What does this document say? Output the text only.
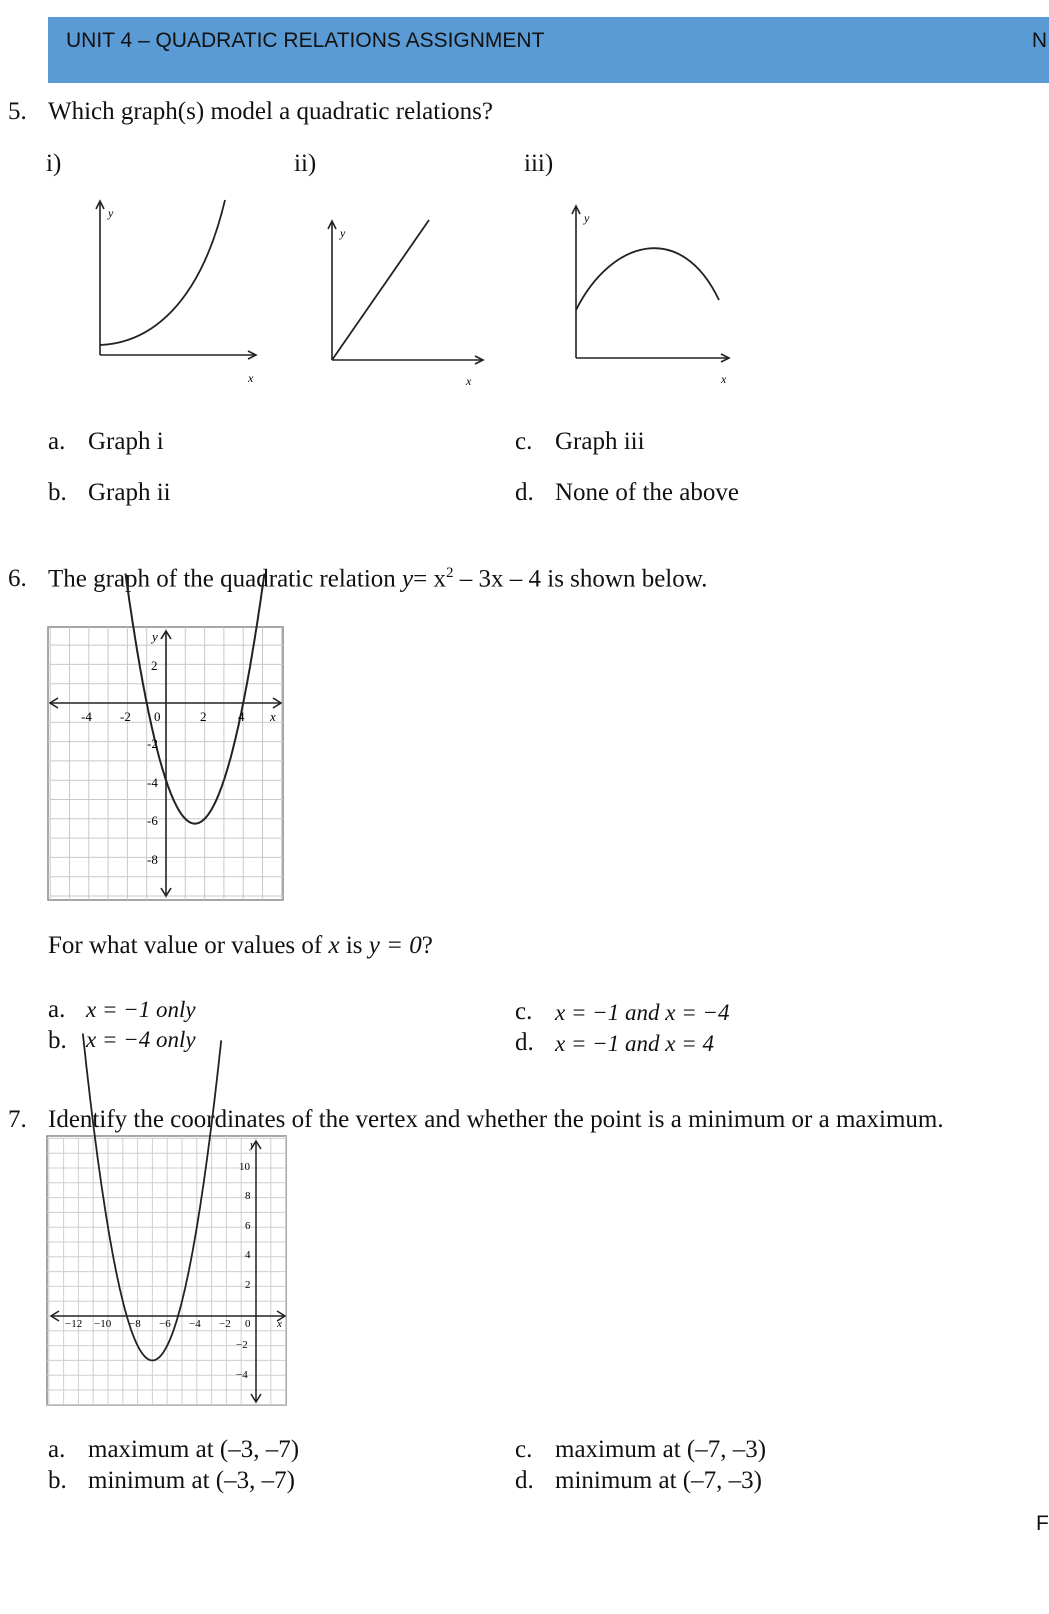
UNIT 4 – QUADRATIC RELATIONS ASSIGNMENT	N
5. Which graph(s) model a quadratic relations?
i)	ii)	iii)
y
x
y
x
y
x
a. Graph i
b. Graph ii
c. Graph iii
d. None of the above
6. The graph of the quadratic relation $y= x^2 - 3x - 4$ is shown below.
-4 -2 0	2 4
2
-2
-4
-6
-8
x
y
For what value or values of x is y = 0?
a. x = −1 only
b. x = −4 only
c. x = −1 and x = −4
d. x = −1 and x = 4
7. Identify the coordinates of the vertex and whether the point is a minimum or a maximum.
−12 −10 −8 −6 −4 −2 0
10
8
6
4
2
−2
−4
x
y
a. maximum at (–3, –7)
b. minimum at (–3, –7)
c. maximum at (–7, –3)
d. minimum at (–7, –3)
F
